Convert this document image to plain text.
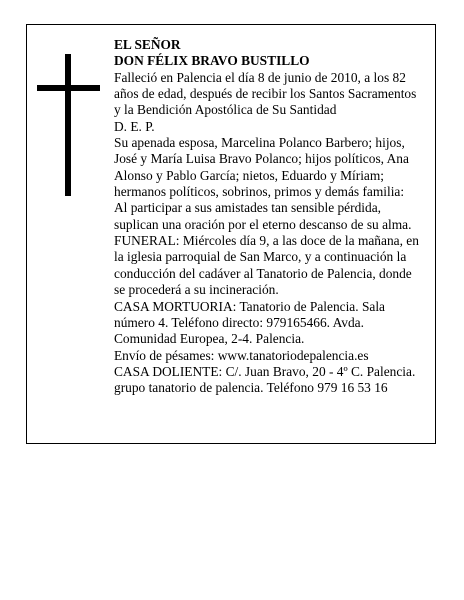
EL SEÑOR

DON FÉLIX BRAVO BUSTILLO

Falleció en Palencia el día 8 de junio de 2010, a los 82 años de edad, después de recibir los Santos Sacramentos y la Bendición Apostólica de Su Santidad

D. E. P.

Su apenada esposa, Marcelina Polanco Barbero; hijos, José y María Luisa Bravo Polanco; hijos políticos, Ana Alonso y Pablo García; nietos, Eduardo y Míriam; hermanos políticos, sobrinos, primos y demás familia:

Al participar a sus amistades tan sensible pérdida, suplican una oración por el eterno descanso de su alma.

FUNERAL: Miércoles día 9, a las doce de la mañana, en la iglesia parroquial de San Marco, y a continuación la conducción del cadáver al Tanatorio de Palencia, donde se procederá a su incineración.

CASA MORTUORIA: Tanatorio de Palencia. Sala número 4. Teléfono directo: 979165466. Avda. Comunidad Europea, 2-4. Palencia.

Envío de pésames: www.tanatoriodepalencia.es

CASA DOLIENTE: C/. Juan Bravo, 20 - 4º C. Palencia.

grupo tanatorio de palencia. Teléfono 979 16 53 16
